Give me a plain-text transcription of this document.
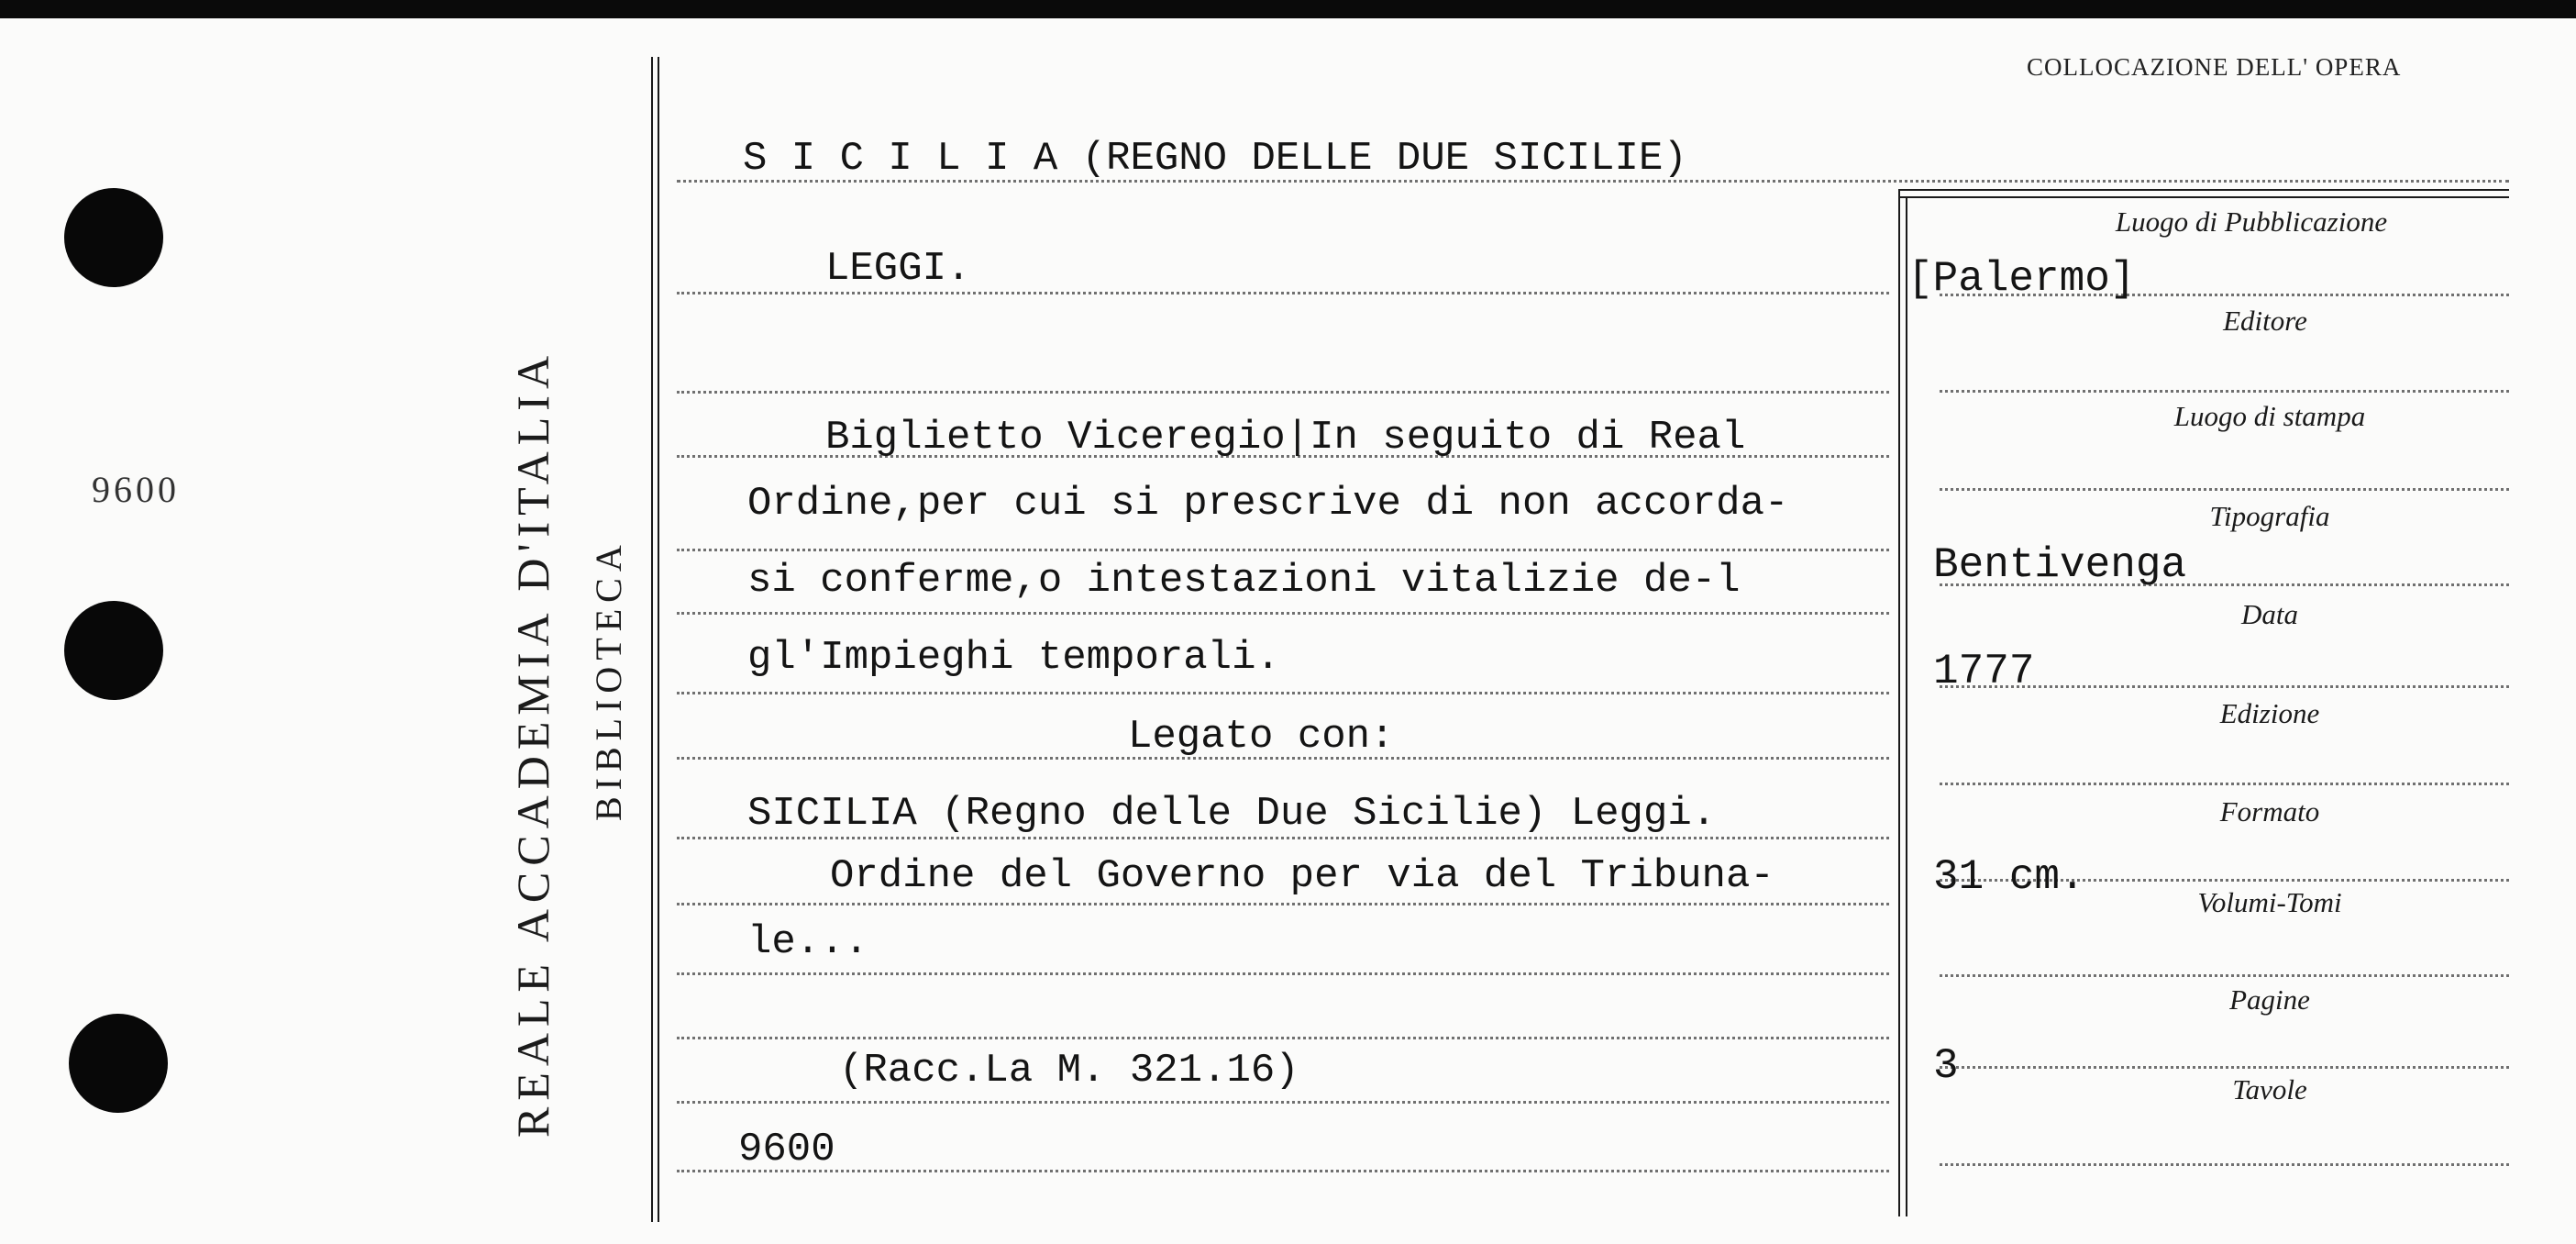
9600	REALE ACCADEMIA D'ITALIA BIBLIOTECA
COLLOCAZIONE DELL' OPERA
S I C I L I A (REGNO DELLE DUE SICILIE)
LEGGI.
Biglietto Viceregio|In seguito di Real
Ordine,per cui si prescrive di non accorda-
si conferme,o intestazioni vitalizie de-l
gl'Impieghi temporali.
Legato con:
SICILIA (Regno delle Due Sicilie) Leggi.
Ordine del Governo per via del Tribuna-
le...
(Racc.La M. 321.16)
9600
Luogo di Pubblicazione
Editore
Luogo di stampa
Tipografia
Data
Edizione
Formato
Volumi-Tomi
Pagine
Tavole
[Palermo]
Bentivenga
1777
31 cm.
3
